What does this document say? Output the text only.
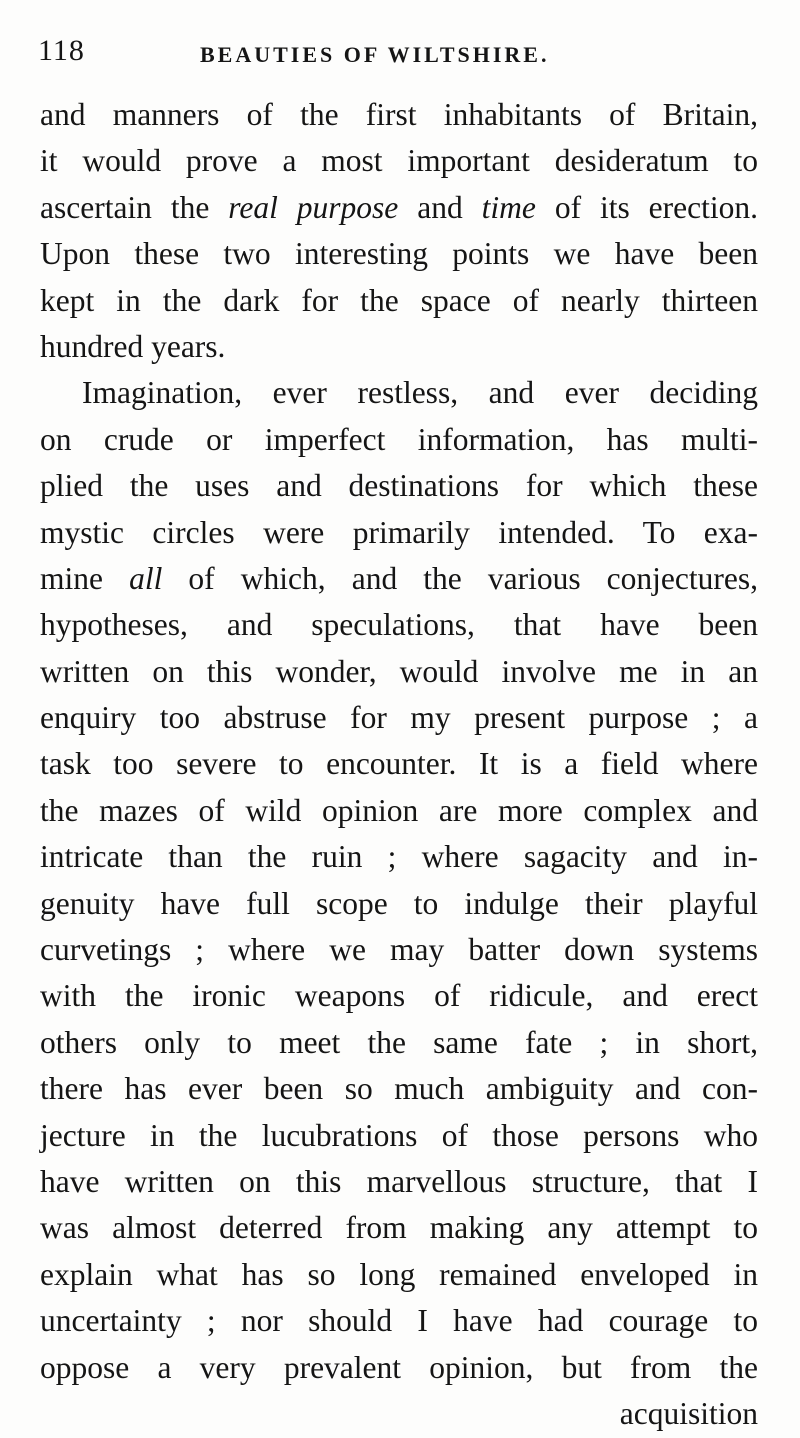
118	BEAUTIES OF WILTSHIRE.
and manners of the first inhabitants of Britain,
it would prove a most important desideratum to
ascertain the real purpose and time of its erection.
Upon these two interesting points we have been
kept in the dark for the space of nearly thirteen
hundred years.
Imagination, ever restless, and ever deciding
on crude or imperfect information, has multi-
plied the uses and destinations for which these
mystic circles were primarily intended. To exa-
mine all of which, and the various conjectures,
hypotheses, and speculations, that have been
written on this wonder, would involve me in an
enquiry too abstruse for my present purpose ; a
task too severe to encounter. It is a field where
the mazes of wild opinion are more complex and
intricate than the ruin ; where sagacity and in-
genuity have full scope to indulge their playful
curvetings ; where we may batter down systems
with the ironic weapons of ridicule, and erect
others only to meet the same fate ; in short,
there has ever been so much ambiguity and con-
jecture in the lucubrations of those persons who
have written on this marvellous structure, that I
was almost deterred from making any attempt to
explain what has so long remained enveloped in
uncertainty ; nor should I have had courage to
oppose a very prevalent opinion, but from the
acquisition
